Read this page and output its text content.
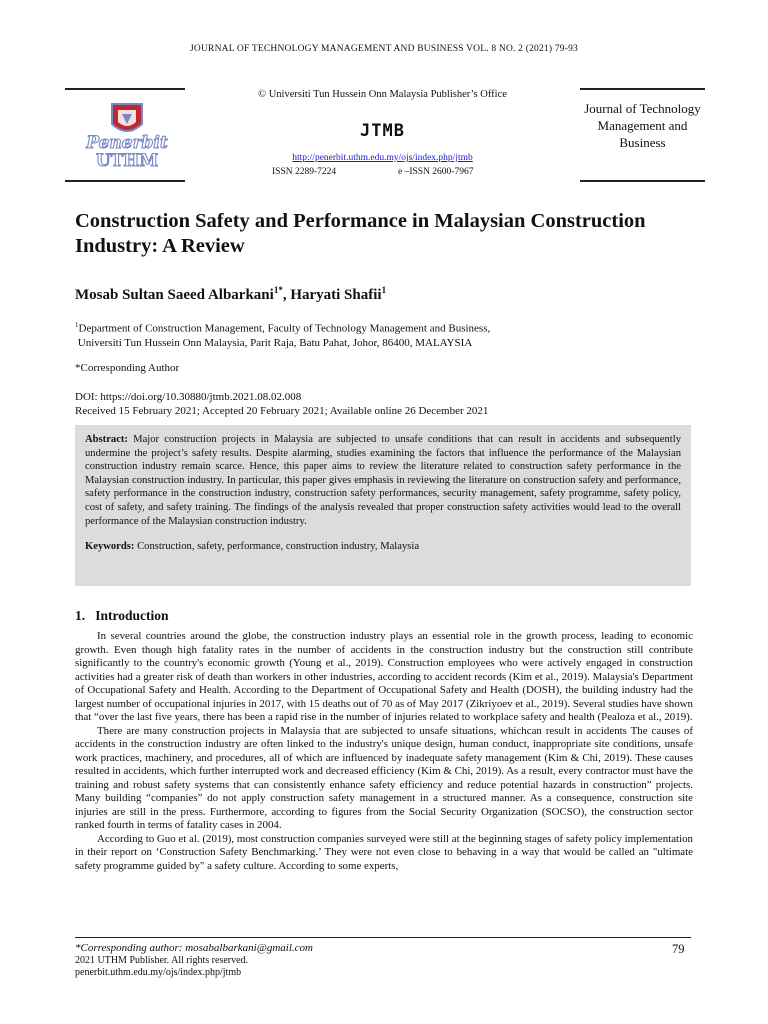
JOURNAL OF TECHNOLOGY MANAGEMENT AND BUSINESS VOL. 8 NO. 2 (2021) 79-93
Penerbit
UTHM
© Universiti Tun Hussein Onn Malaysia Publisher’s Office
JTMB
http://penerbit.uthm.edu.my/ojs/index.php/jtmb
ISSN 2289-7224	e –ISSN 2600-7967
Journal of Technology Management and Business
Construction Safety and Performance in Malaysian Construction Industry: A Review
Mosab Sultan Saeed Albarkani$^{1*}$, Haryati Shafii$^1$
$^1$Department of Construction Management, Faculty of Technology Management and Business,
Universiti Tun Hussein Onn Malaysia, Parit Raja, Batu Pahat, Johor, 86400, MALAYSIA
*Corresponding Author
DOI: https://doi.org/10.30880/jtmb.2021.08.02.008
Received 15 February 2021; Accepted 20 February 2021; Available online 26 December 2021
Abstract: Major construction projects in Malaysia are subjected to unsafe conditions that can result in accidents and subsequently undermine the project’s safety results. Despite alarming, studies examining the factors that influence the performance of the Malaysian construction industry remain scarce. Hence, this paper aims to review the literature related to construction safety performance in the Malaysian construction industry. In particular, this paper gives emphasis in reviewing the literature on construction safety and performance, safety performance in the construction industry, construction safety performances, security management, safety programme, safety policy, cost of safety, and safety training. The findings of the analysis revealed that proper construction safety activities would lead to the overall performance of the Malaysian construction industry.
Keywords: Construction, safety, performance, construction industry, Malaysia
1.   Introduction

In several countries around the globe, the construction industry plays an essential role in the growth process, leading to economic growth. Even though high fatality rates in the number of accidents in the construction industry but the construction still contribute significantly to the country's economic growth (Young et al., 2019). Construction employees who were actively engaged in construction activities had a greater risk of death than workers in other industries, according to accident records (Kim et al., 2019). Malaysia's Department of Occupational Safety and Health. According to the Department of Occupational Safety and Health (DOSH), the building industry had the largest number of occupational injuries in 2017, with 15 deaths out of 70 as of May 2017 (Zikriyoev et al., 2019). Several studies have shown that “over the last five years, there has been a rapid rise in the number of injuries related to workplace safety and health (Pealoza et al., 2019).

There are many construction projects in Malaysia that are subjected to unsafe situations, whichcan result in accidents The causes of accidents in the construction industry are often linked to the industry's unique design, human conduct, inappropriate site conditions, unsafe work practices, machinery, and procedures, all of which are influenced by inadequate safety management (Kim & Chi, 2019). These causes resulted in accidents, which further interrupted work and decreased efficiency (Kim & Chi, 2019). As a result, every contractor must have the training and robust safety systems that can consistently enhance safety efficiency and reduce potential hazards in construction” projects. Many building “companies” do not apply construction safety management in a structured manner. As a consequence, construction site injuries are still in the press. Furthermore, according to figures from the Social Security Organization (SOCSO), the construction sector ranked fourth in terms of fatality cases in 2004.

According to Guo et al. (2019), most construction companies surveyed were still at the beginning stages of safety policy implementation in their report on ‘Construction Safety Benchmarking.’ They were not even close to behaving in a way that would be called an "ultimate safety programme guided by" a safety culture. According to some experts,

*Corresponding author: mosabalbarkani@gmail.com
2021 UTHM Publisher. All rights reserved.
penerbit.uthm.edu.my/ojs/index.php/jtmb
79
